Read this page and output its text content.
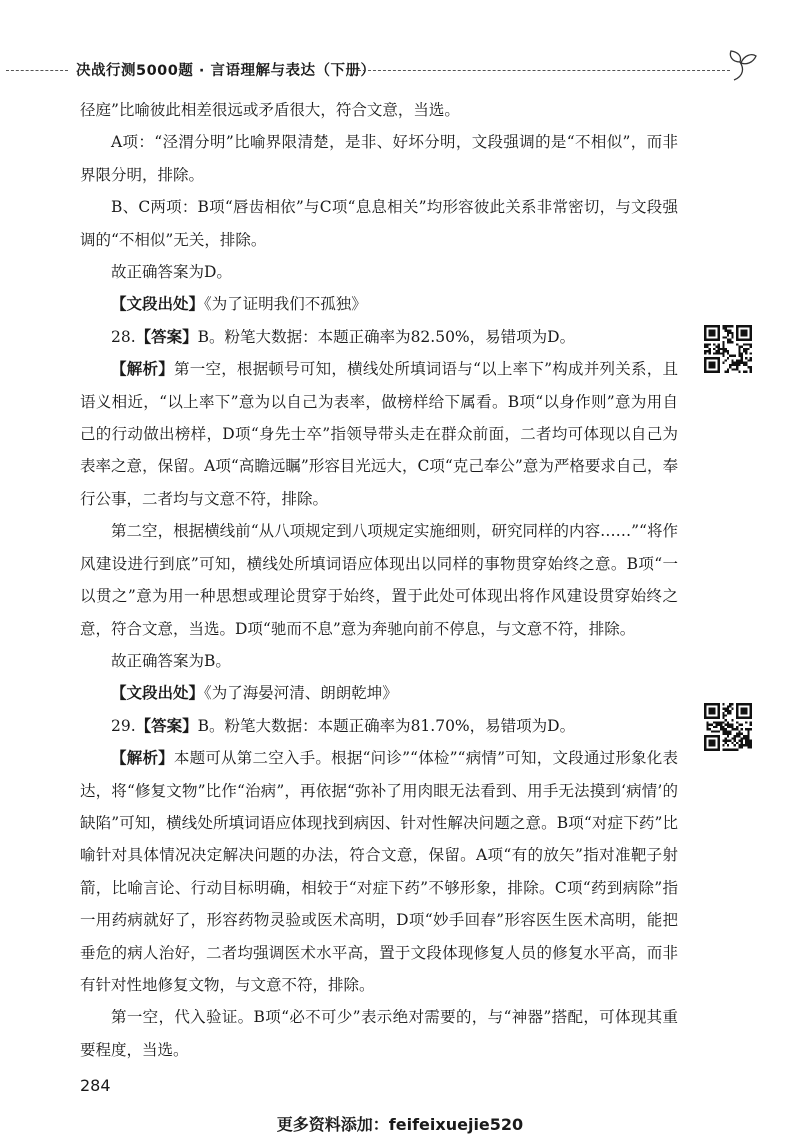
决战行测5000题 · 言语理解与表达（下册）

径庭”比喻彼此相差很远或矛盾很大，符合文意，当选。

A项：“泾渭分明”比喻界限清楚，是非、好坏分明，文段强调的是“不相似”，而非界限分明，排除。

B、C两项：B项“唇齿相依”与C项“息息相关”均形容彼此关系非常密切，与文段强调的“不相似”无关，排除。

故正确答案为D。

【文段出处】《为了证明我们不孤独》

28.【答案】B。粉笔大数据：本题正确率为82.50%，易错项为D。

【解析】第一空，根据顿号可知，横线处所填词语与“以上率下”构成并列关系，且语义相近，“以上率下”意为以自己为表率，做榜样给下属看。B项“以身作则”意为用自己的行动做出榜样，D项“身先士卒”指领导带头走在群众前面，二者均可体现以自己为表率之意，保留。A项“高瞻远瞩”形容目光远大，C项“克己奉公”意为严格要求自己，奉行公事，二者均与文意不符，排除。

第二空，根据横线前“从八项规定到八项规定实施细则，研究同样的内容……”“将作风建设进行到底”可知，横线处所填词语应体现出以同样的事物贯穿始终之意。B项“一以贯之”意为用一种思想或理论贯穿于始终，置于此处可体现出将作风建设贯穿始终之意，符合文意，当选。D项“驰而不息”意为奔驰向前不停息，与文意不符，排除。

故正确答案为B。

【文段出处】《为了海晏河清、朗朗乾坤》

29.【答案】B。粉笔大数据：本题正确率为81.70%，易错项为D。

【解析】本题可从第二空入手。根据“问诊”“体检”“病情”可知，文段通过形象化表达，将“修复文物”比作“治病”，再依据“弥补了用肉眼无法看到、用手无法摸到‘病情’的缺陷”可知，横线处所填词语应体现找到病因、针对性解决问题之意。B项“对症下药”比喻针对具体情况决定解决问题的办法，符合文意，保留。A项“有的放矢”指对准靶子射箭，比喻言论、行动目标明确，相较于“对症下药”不够形象，排除。C项“药到病除”指一用药病就好了，形容药物灵验或医术高明，D项“妙手回春”形容医生医术高明，能把垂危的病人治好，二者均强调医术水平高，置于文段体现修复人员的修复水平高，而非有针对性地修复文物，与文意不符，排除。

第一空，代入验证。B项“必不可少”表示绝对需要的，与“神器”搭配，可体现其重要程度，当选。

284
更多资料添加：feifeixuejie520
